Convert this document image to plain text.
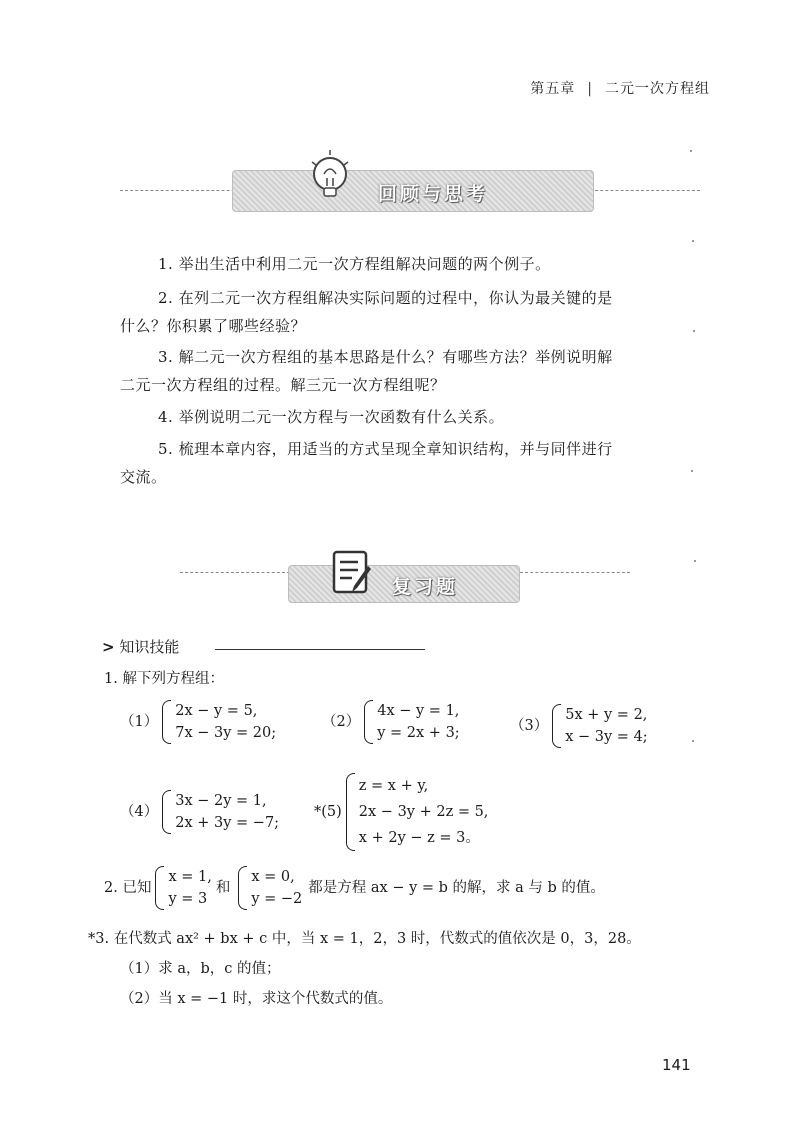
第五章 | 二元一次方程组
回顾与思考
1. 举出生活中利用二元一次方程组解决问题的两个例子。
2. 在列二元一次方程组解决实际问题的过程中，你认为最关键的是
什么？你积累了哪些经验？
3. 解二元一次方程组的基本思路是什么？有哪些方法？举例说明解
二元一次方程组的过程。解三元一次方程组呢？
4. 举例说明二元一次方程与一次函数有什么关系。
5. 梳理本章内容，用适当的方式呈现全章知识结构，并与同伴进行
交流。
复习题
> 知识技能
1. 解下列方程组：
（1）
2x − y = 5,
7x − 3y = 20;
（2）
4x − y = 1,
y = 2x + 3;	（3）
5x + y = 2,
x − 3y = 4;
（4）
3x − 2y = 1,
2x + 3y = −7;
*(5)
z = x + y,
2x − 3y + 2z = 5,
x + 2y − z = 3。
2. 已知
x = 1,
y = 3
和
x = 0,
y = −2
都是方程 ax − y = b 的解，求 a 与 b 的值。
*3. 在代数式 ax² + bx + c 中，当 x = 1，2，3 时，代数式的值依次是 0，3，28。
（1）求 a，b，c 的值；
（2）当 x = −1 时，求这个代数式的值。
141
